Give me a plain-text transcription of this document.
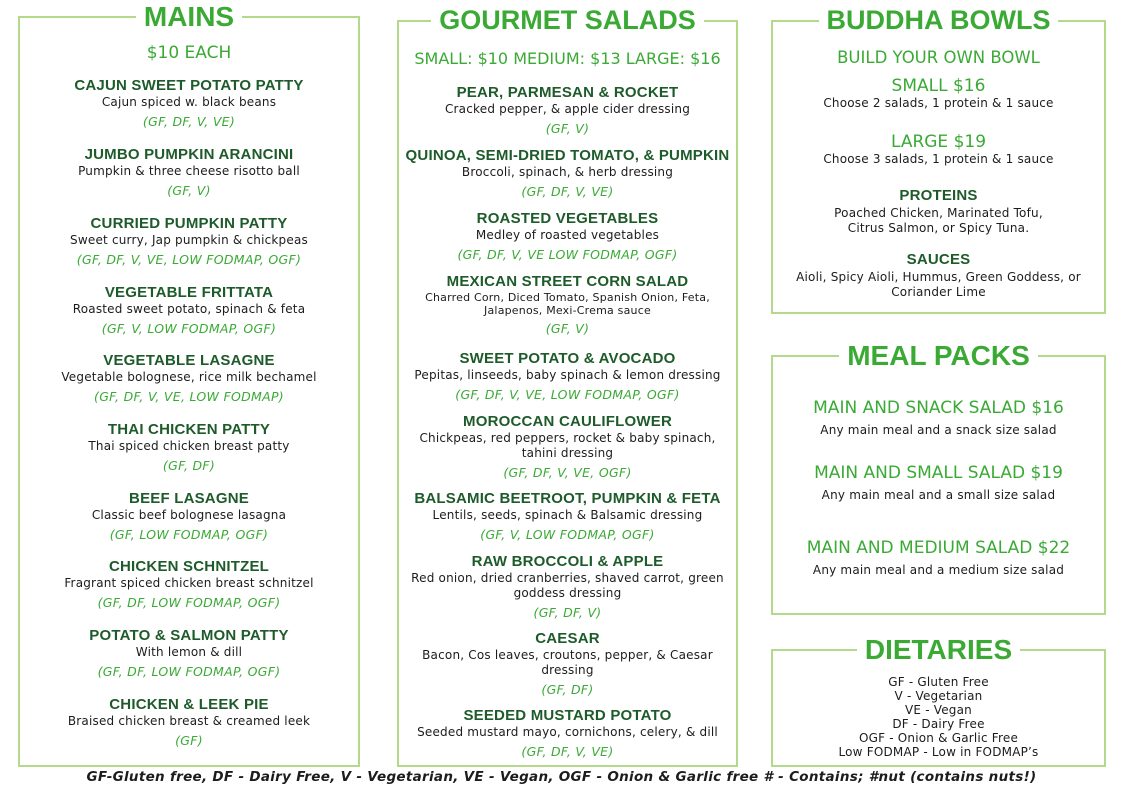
MAINS
$10 EACH
CAJUN SWEET POTATO PATTY
Cajun spiced w. black beans
(GF, DF, V, VE)
JUMBO PUMPKIN ARANCINI
Pumpkin & three cheese risotto ball
(GF, V)
CURRIED PUMPKIN PATTY
Sweet curry, Jap pumpkin & chickpeas
(GF, DF, V, VE, LOW FODMAP, OGF)
VEGETABLE FRITTATA
Roasted sweet potato, spinach & feta
(GF, V, LOW FODMAP, OGF)
VEGETABLE LASAGNE
Vegetable bolognese, rice milk bechamel
(GF, DF, V, VE, LOW FODMAP)
THAI CHICKEN PATTY
Thai spiced chicken breast patty
(GF, DF)
BEEF LASAGNE
Classic beef bolognese lasagna
(GF, LOW FODMAP, OGF)
CHICKEN SCHNITZEL
Fragrant spiced chicken breast schnitzel
(GF, DF, LOW FODMAP, OGF)
POTATO & SALMON PATTY
With lemon & dill
(GF, DF, LOW FODMAP, OGF)
CHICKEN & LEEK PIE
Braised chicken breast & creamed leek
(GF)
GOURMET SALADS
SMALL: $10 MEDIUM: $13 LARGE: $16
PEAR, PARMESAN & ROCKET
Cracked pepper, & apple cider dressing
(GF, V)
QUINOA, SEMI-DRIED TOMATO, & PUMPKIN
Broccoli, spinach, & herb dressing
(GF, DF, V, VE)
ROASTED VEGETABLES
Medley of roasted vegetables
(GF, DF, V, VE LOW FODMAP, OGF)
MEXICAN STREET CORN SALAD
Charred Corn, Diced Tomato, Spanish Onion, Feta, Jalapenos, Mexi-Crema sauce
(GF, V)
SWEET POTATO & AVOCADO
Pepitas, linseeds, baby spinach & lemon dressing
(GF, DF, V, VE, LOW FODMAP, OGF)
MOROCCAN CAULIFLOWER
Chickpeas, red peppers, rocket & baby spinach, tahini dressing
(GF, DF, V, VE, OGF)
BALSAMIC BEETROOT, PUMPKIN & FETA
Lentils, seeds, spinach & Balsamic dressing
(GF, V, LOW FODMAP, OGF)
RAW BROCCOLI & APPLE
Red onion, dried cranberries, shaved carrot, green goddess dressing
(GF, DF, V)
CAESAR
Bacon, Cos leaves, croutons, pepper, & Caesar dressing
(GF, DF)
SEEDED MUSTARD POTATO
Seeded mustard mayo, cornichons, celery, & dill
(GF, DF, V, VE)
BUDDHA BOWLS
BUILD YOUR OWN BOWL
SMALL $16
Choose 2 salads, 1 protein & 1 sauce
LARGE $19
Choose 3 salads, 1 protein & 1 sauce
PROTEINS
Poached Chicken, Marinated Tofu, Citrus Salmon, or Spicy Tuna.
SAUCES
Aioli, Spicy Aioli, Hummus, Green Goddess, or Coriander Lime
MEAL PACKS
MAIN AND SNACK SALAD $16
Any main meal and a snack size salad
MAIN AND SMALL SALAD $19
Any main meal and a small size salad
MAIN AND MEDIUM SALAD $22
Any main meal and a medium size salad
DIETARIES
GF - Gluten Free
V - Vegetarian
VE - Vegan
DF - Dairy Free
OGF - Onion & Garlic Free
Low FODMAP - Low in FODMAP’s
GF-Gluten free, DF - Dairy Free, V - Vegetarian, VE - Vegan, OGF - Onion & Garlic free # - Contains; #nut (contains nuts!)
